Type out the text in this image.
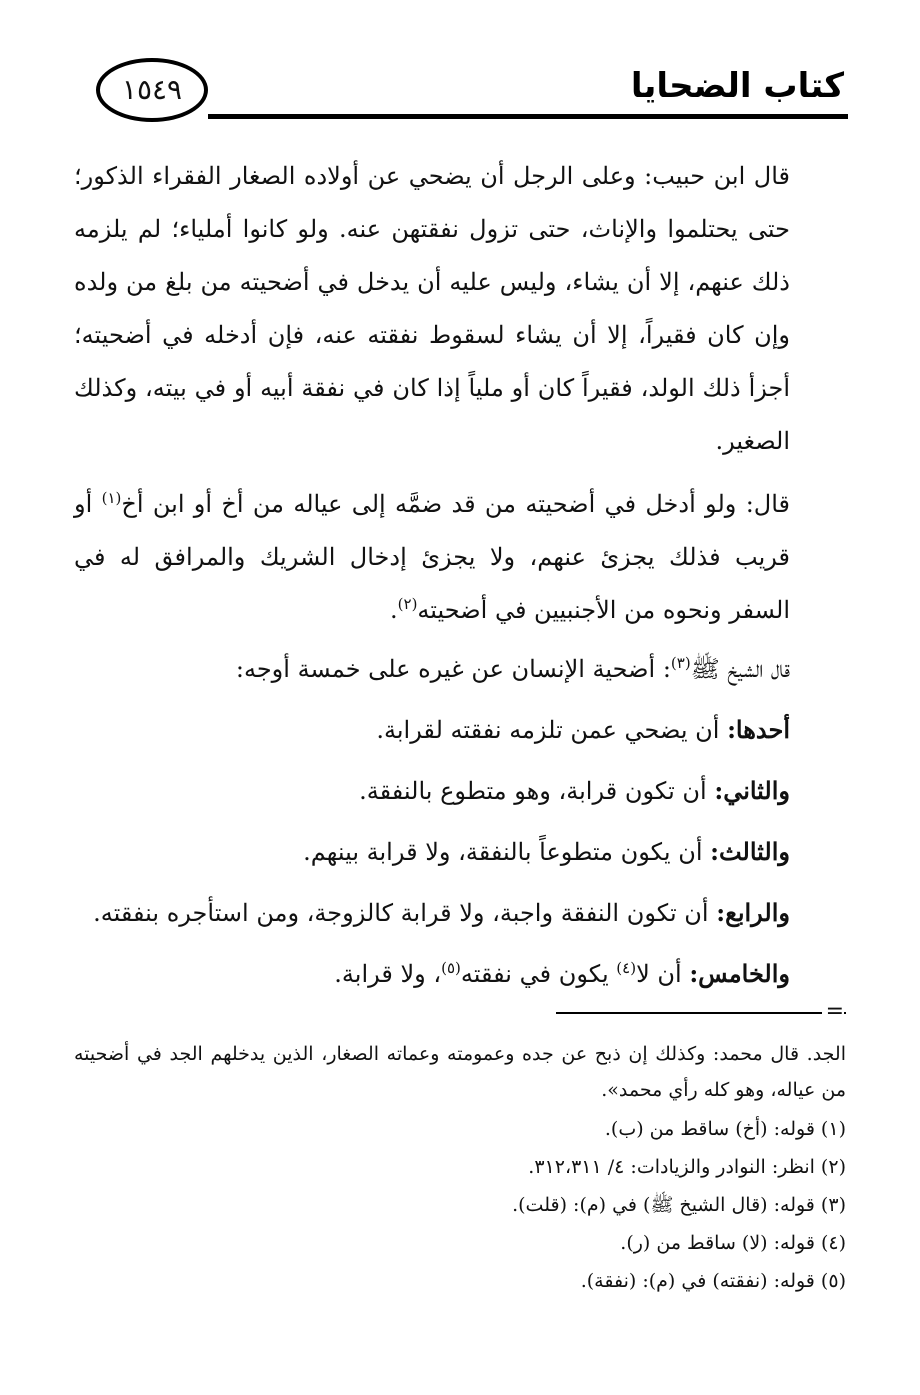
كتاب الضحايا
١٥٤٩

قال ابن حبيب: وعلى الرجل أن يضحي عن أولاده الصغار الفقراء الذكور؛ حتى يحتلموا والإناث، حتى تزول نفقتهن عنه. ولو كانوا أملياء؛ لم يلزمه ذلك عنهم، إلا أن يشاء، وليس عليه أن يدخل في أضحيته من بلغ من ولده وإن كان فقيراً، إلا أن يشاء لسقوط نفقته عنه، فإن أدخله في أضحيته؛ أجزأ ذلك الولد، فقيراً كان أو ملياً إذا كان في نفقة أبيه أو في بيته، وكذلك الصغير.

قال: ولو أدخل في أضحيته من قد ضمَّه إلى عياله من أخ أو ابن أخ$^{(١)}$ أو قريب فذلك يجزئ عنهم، ولا يجزئ إدخال الشريك والمرافق له في السفر ونحوه من الأجنبيين في أضحيته$^{(٢)}$.

قال الشيخ ﷺ$^{(٣)}$: أضحية الإنسان عن غيره على خمسة أوجه:

أحدها: أن يضحي عمن تلزمه نفقته لقرابة.

والثاني: أن تكون قرابة، وهو متطوع بالنفقة.

والثالث: أن يكون متطوعاً بالنفقة، ولا قرابة بينهم.

والرابع: أن تكون النفقة واجبة، ولا قرابة كالزوجة، ومن استأجره بنفقته.

والخامس: أن لا$^{(٤)}$ يكون في نفقته$^{(٥)}$، ولا قرابة.

=

الجد. قال محمد: وكذلك إن ذبح عن جده وعمومته وعماته الصغار، الذين يدخلهم الجد في أضحيته من عياله، وهو كله رأي محمد».

(١) قوله: (أخ) ساقط من (ب).

(٢) انظر: النوادر والزيادات: ٤/ ٣١٢،٣١١.

(٣) قوله: (قال الشيخ ﷺ) في (م): (قلت).

(٤) قوله: (لا) ساقط من (ر).

(٥) قوله: (نفقته) في (م): (نفقة).
